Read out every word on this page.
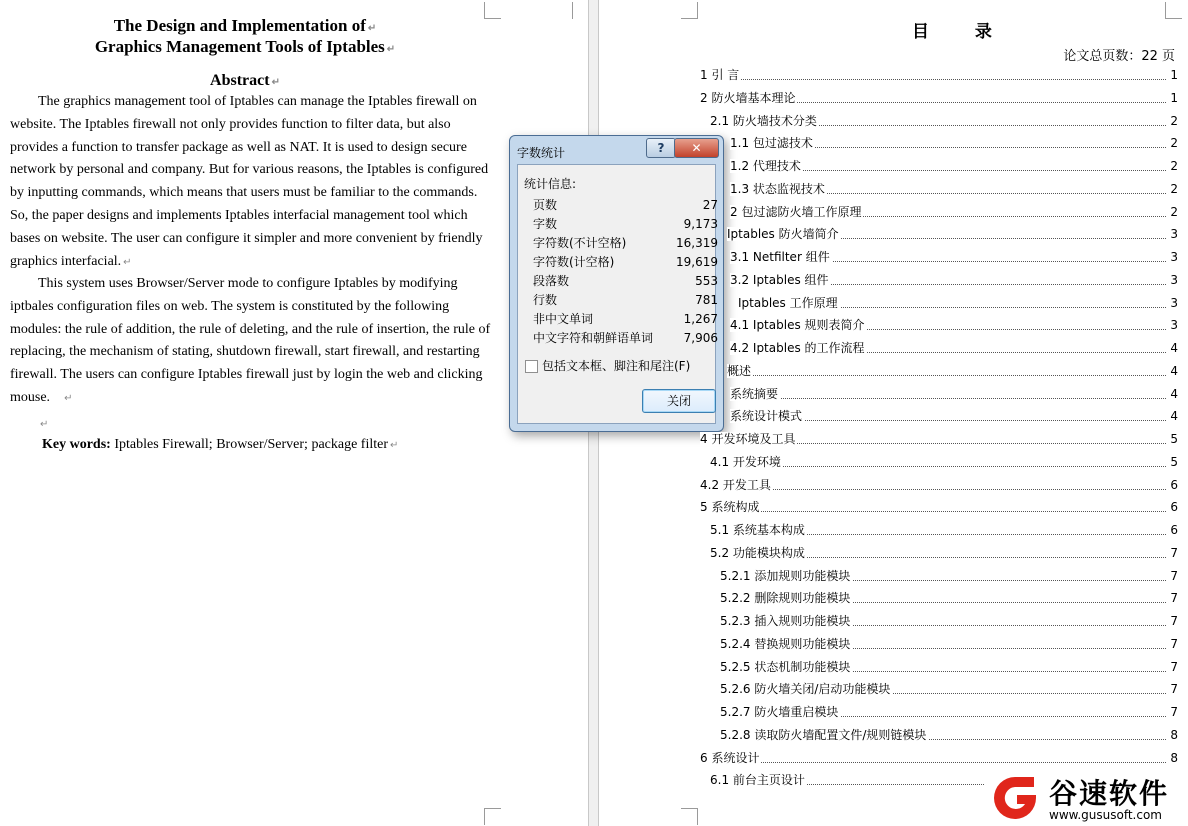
The Design and Implementation of ↵
Graphics Management Tools of Iptables ↵
Abstract ↵
The graphics management tool of Iptables can manage the Iptables firewall on
website. The Iptables firewall not only provides function to filter data, but also
provides a function to transfer package as well as NAT. It is used to design secure
network by personal and company. But for various reasons, the Iptables is configured
by inputting commands, which means that users must be familiar to the commands.
So, the paper designs and implements Iptables interfacial management tool which
bases on website. The user can configure it simpler and more convenient by friendly
graphics interfacial. ↵
This system uses Browser/Server mode to configure Iptables by modifying
iptbales configuration files on web. The system is constituted by the following
modules: the rule of addition, the rule of deleting, and the rule of insertion, the rule of
replacing, the mechanism of stating, shutdown firewall, start firewall, and restarting
firewall. The users can configure Iptables firewall just by login the web and clicking
mouse. ↵
↵
Key words: Iptables Firewall; Browser/Server; package filter ↵
目 录
论文总页数：22 页
1 引 言	1
2 防火墙基本理论	1
2.1 防火墙技术分类	2
1.1 包过滤技术	2
1.2 代理技术	2
1.3 状态监视技术	2
2 包过滤防火墙工作原理	2
Iptables 防火墙简介	3
3.1 Netfilter 组件	3
3.2 Iptables 组件	3
Iptables 工作原理	3
4.1 Iptables 规则表简介	3
4.2 Iptables 的工作流程	4
概述	4
系统摘要	4
系统设计模式	4
4 开发环境及工具	5
4.1 开发环境	5
4.2 开发工具	6
5 系统构成	6
5.1 系统基本构成	6
5.2 功能模块构成	7
5.2.1 添加规则功能模块	7
5.2.2 删除规则功能模块	7
5.2.3 插入规则功能模块	7
5.2.4 替换规则功能模块	7
5.2.5 状态机制功能模块	7
5.2.6 防火墙关闭/启动功能模块	7
5.2.7 防火墙重启模块	7
5.2.8 读取防火墙配置文件/规则链模块	8
6 系统设计	8
6.1 前台主页设计
字数统计	?	✕
统计信息:
页数	27
字数	9,173
字符数(不计空格)	16,319
字符数(计空格)	19,619
段落数	553
行数	781
非中文单词	1,267
中文字符和朝鲜语单词	7,906
包括文本框、脚注和尾注(F)
关闭
谷速软件
www.gususoft.com
